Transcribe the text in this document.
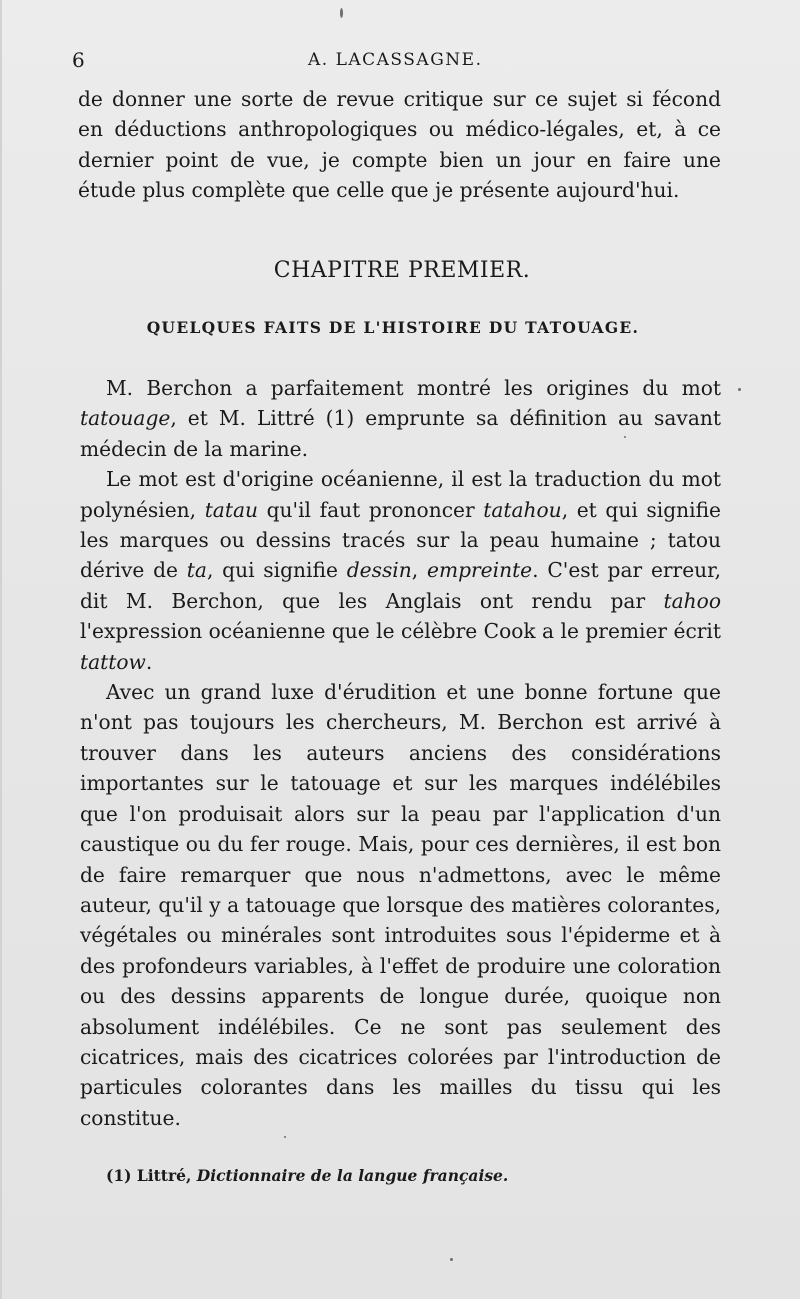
6	A. LACASSAGNE.

de donner une sorte de revue critique sur ce sujet si fécond en déductions anthropologiques ou médico-légales, et, à ce dernier point de vue, je compte bien un jour en faire une étude plus complète que celle que je présente aujourd'hui.

CHAPITRE PREMIER.
QUELQUES FAITS DE L'HISTOIRE DU TATOUAGE.

M. Berchon a parfaitement montré les origines du mot tatouage, et M. Littré (1) emprunte sa définition au savant médecin de la marine.

Le mot est d'origine océanienne, il est la traduction du mot polynésien, tatau qu'il faut prononcer tatahou, et qui signifie les marques ou dessins tracés sur la peau humaine ; tatou dérive de ta, qui signifie dessin, empreinte. C'est par erreur, dit M. Berchon, que les Anglais ont rendu par tahoo l'expression océanienne que le célèbre Cook a le premier écrit tattow.

Avec un grand luxe d'érudition et une bonne fortune que n'ont pas toujours les chercheurs, M. Berchon est arrivé à trouver dans les auteurs anciens des considérations importantes sur le tatouage et sur les marques indélébiles que l'on produisait alors sur la peau par l'application d'un caustique ou du fer rouge. Mais, pour ces dernières, il est bon de faire remarquer que nous n'admettons, avec le même auteur, qu'il y a tatouage que lorsque des matières colorantes, végétales ou minérales sont introduites sous l'épiderme et à des profondeurs variables, à l'effet de produire une coloration ou des dessins apparents de longue durée, quoique non absolument indélébiles. Ce ne sont pas seulement des cicatrices, mais des cicatrices colorées par l'introduction de particules colorantes dans les mailles du tissu qui les constitue.

(1) Littré, Dictionnaire de la langue française.
